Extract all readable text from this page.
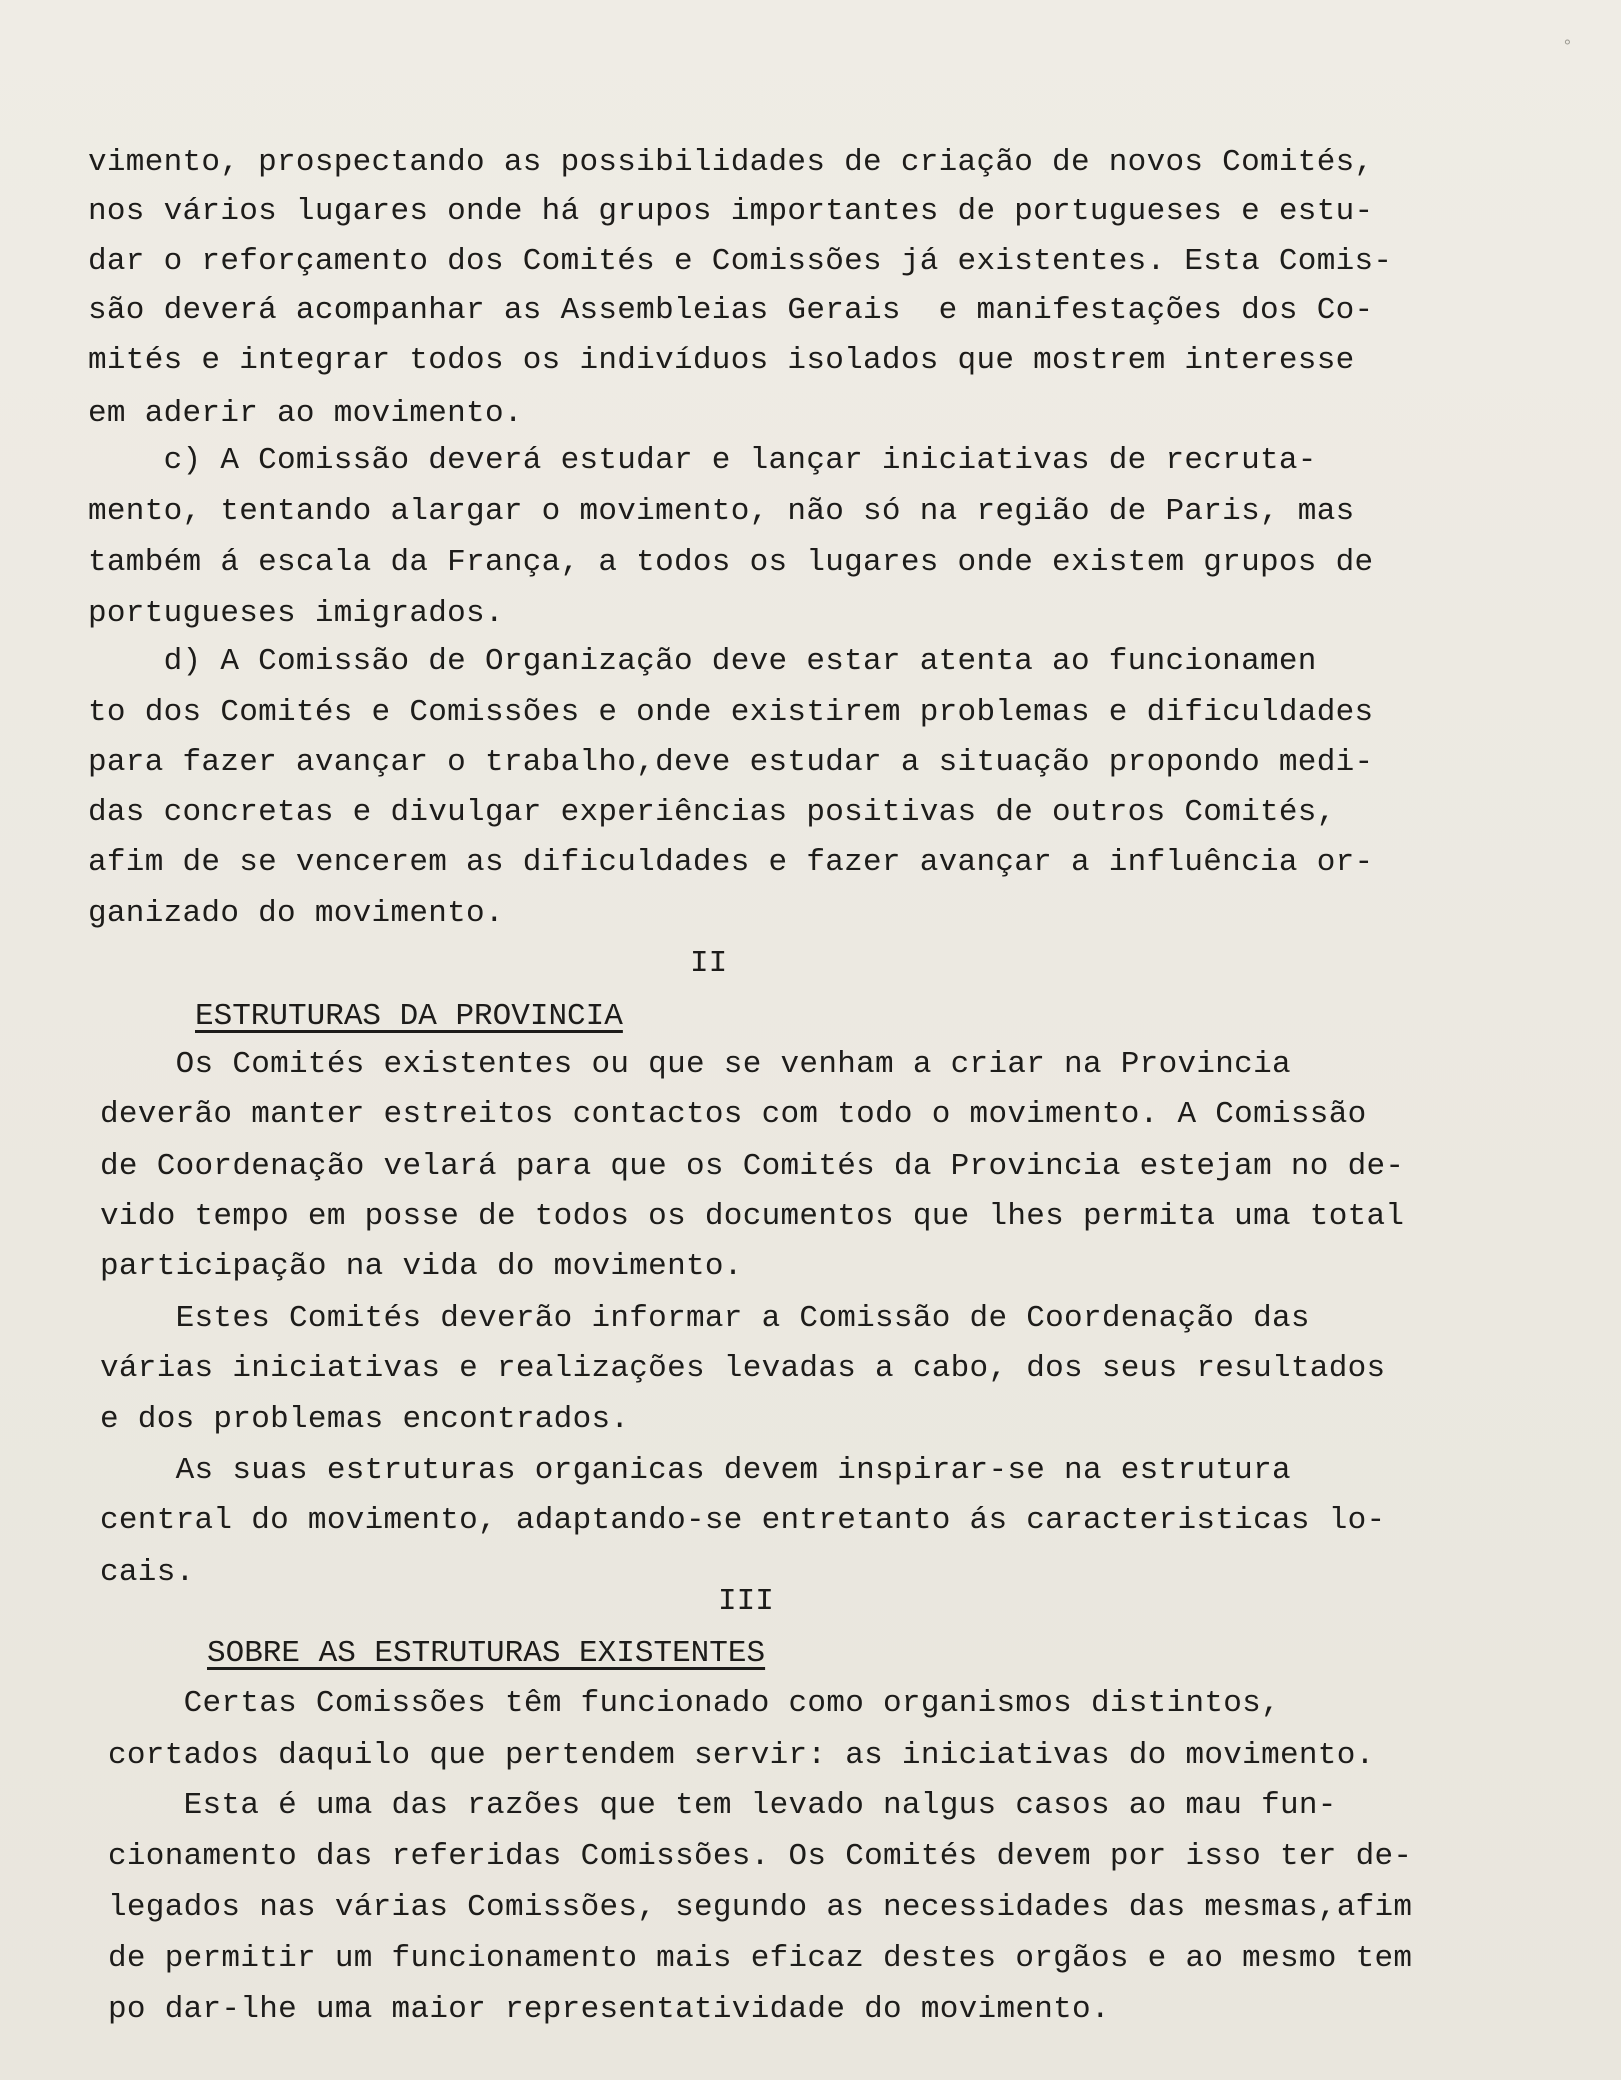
°
vimento, prospectando as possibilidades de criação de novos Comités,
nos vários lugares onde há grupos importantes de portugueses e estu-
dar o reforçamento dos Comités e Comissões já existentes. Esta Comis-
são deverá acompanhar as Assembleias Gerais  e manifestações dos Co-
mités e integrar todos os indivíduos isolados que mostrem interesse
em aderir ao movimento.
c) A Comissão deverá estudar e lançar iniciativas de recruta-
mento, tentando alargar o movimento, não só na região de Paris, mas
também á escala da França, a todos os lugares onde existem grupos de
portugueses imigrados.
d) A Comissão de Organização deve estar atenta ao funcionamen
to dos Comités e Comissões e onde existirem problemas e dificuldades
para fazer avançar o trabalho,deve estudar a situação propondo medi-
das concretas e divulgar experiências positivas de outros Comités,
afim de se vencerem as dificuldades e fazer avançar a influência or-
ganizado do movimento.
II
ESTRUTURAS DA PROVINCIA
Os Comités existentes ou que se venham a criar na Provincia
deverão manter estreitos contactos com todo o movimento. A Comissão
de Coordenação velará para que os Comités da Provincia estejam no de-
vido tempo em posse de todos os documentos que lhes permita uma total
participação na vida do movimento.
Estes Comités deverão informar a Comissão de Coordenação das
várias iniciativas e realizações levadas a cabo, dos seus resultados
e dos problemas encontrados.
As suas estruturas organicas devem inspirar-se na estrutura
central do movimento, adaptando-se entretanto ás caracteristicas lo-
cais.
III
SOBRE AS ESTRUTURAS EXISTENTES
Certas Comissões têm funcionado como organismos distintos,
cortados daquilo que pertendem servir: as iniciativas do movimento.
Esta é uma das razões que tem levado nalgus casos ao mau fun-
cionamento das referidas Comissões. Os Comités devem por isso ter de-
legados nas várias Comissões, segundo as necessidades das mesmas,afim
de permitir um funcionamento mais eficaz destes orgãos e ao mesmo tem
po dar-lhe uma maior representatividade do movimento.
